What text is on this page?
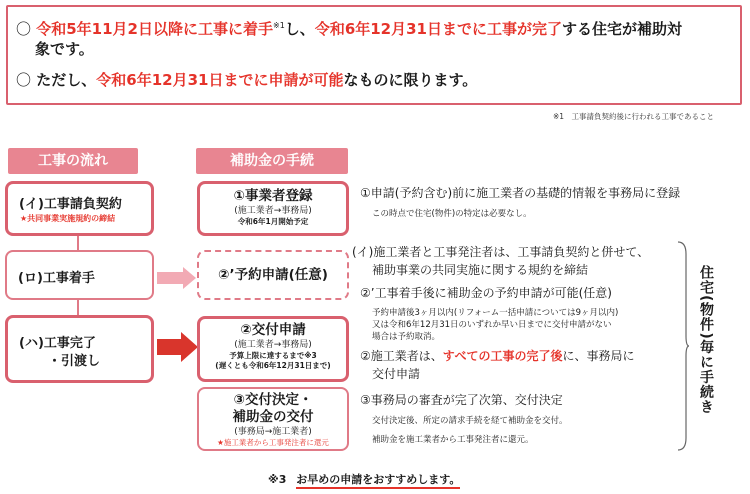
〇 令和5年11月2日以降に工事に着手$^{※1}$し、令和6年12月31日までに工事が完了する住宅が補助対
象です。
〇 ただし、令和6年12月31日までに申請が可能なものに限ります。
※1　工事請負契約後に行われる工事であること
工事の流れ	補助金の手続
(イ)工事請負契約
★共同事業実施規約の締結
(ロ)工事着手
(ハ)工事完了
・引渡し
①事業者登録
(施工業者→事務局)
令和6年1月開始予定
②’予約申請(任意)
②交付申請
(施工業者→事務局)
予算上限に達するまで※3
(遅くとも令和6年12月31日まで)
③交付決定・
補助金の交付
(事務局→施工業者)
★施工業者から工事発注者に還元
①申請(予約含む)前に施工業者の基礎的情報を事務局に登録
この時点で住宅(物件)の特定は必要なし。
(イ)施工業者と工事発注者は、工事請負契約と併せて、
補助事業の共同実施に関する規約を締結
②’工事着手後に補助金の予約申請が可能(任意)
予約申請後3ヶ月以内(リフォーム一括申請については9ヶ月以内)
又は令和6年12月31日のいずれか早い日までに交付申請がない
場合は予約取消。
②施工業者は、すべての工事の完了後に、事務局に
交付申請
③事務局の審査が完了次第、交付決定
交付決定後、所定の請求手続を経て補助金を交付。
補助金を施工業者から工事発注者に還元。
住宅(物件)毎に手続き
※3 お早めの申請をおすすめします。
